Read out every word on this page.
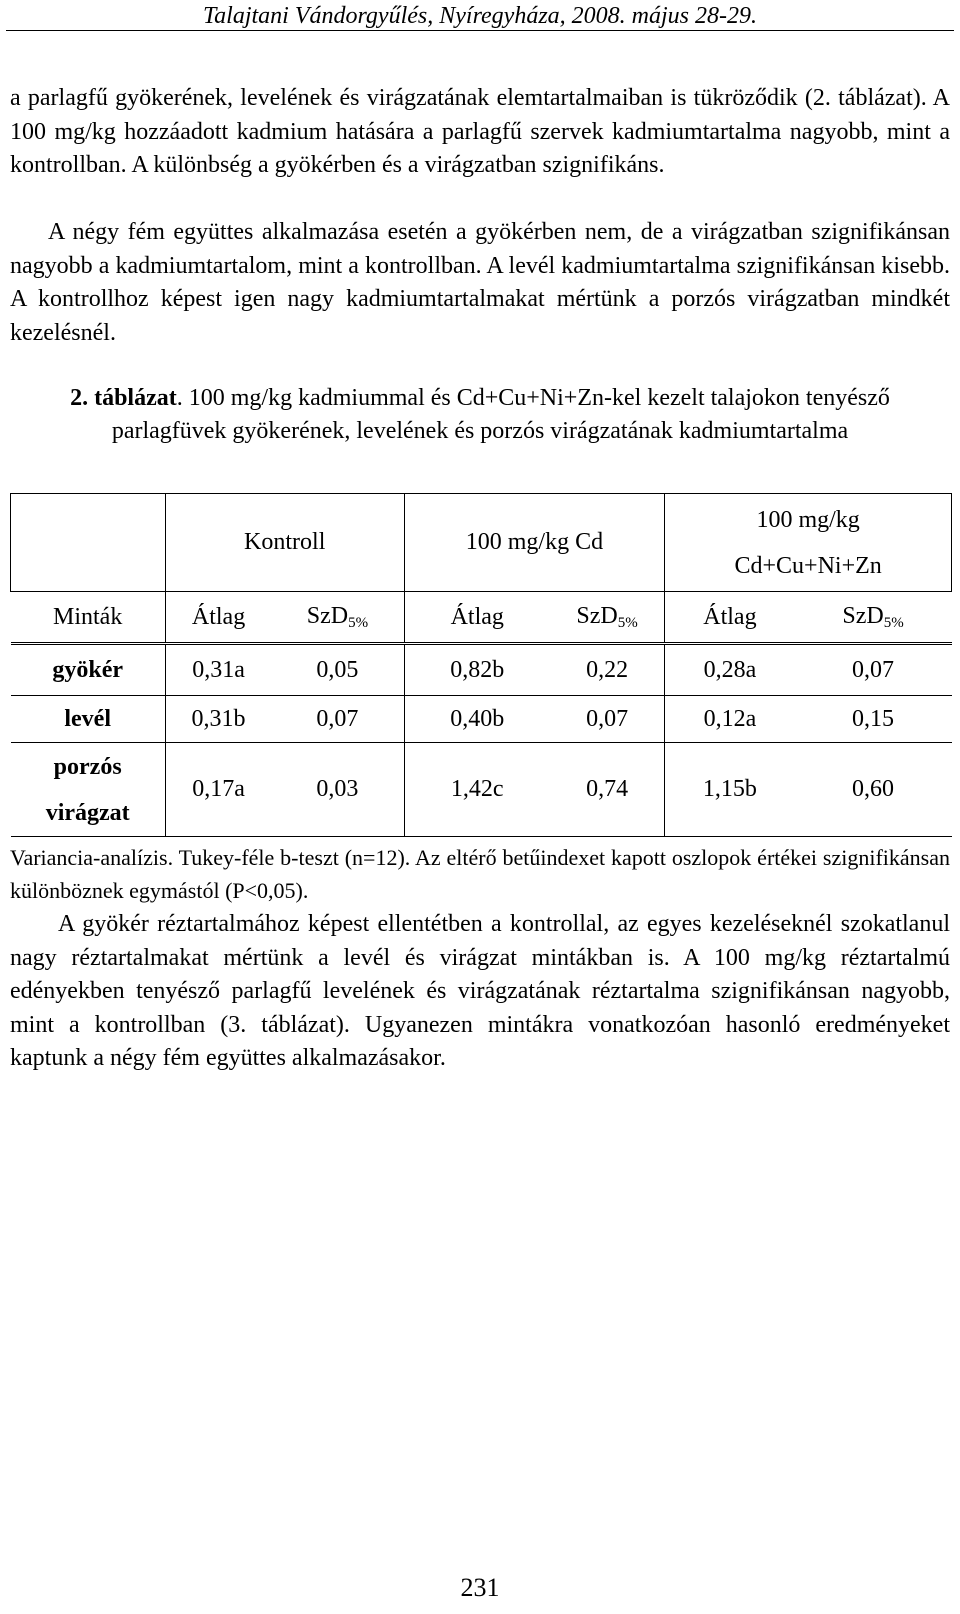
Talajtani Vándorgyűlés, Nyíregyháza, 2008. május 28-29.

a parlagfű gyökerének, levelének és virágzatának elemtartalmaiban is tükröződik (2. táblázat). A 100 mg/kg hozzáadott kadmium hatására a parlagfű szervek kadmiumtartalma nagyobb, mint a kontrollban. A különbség a gyökérben és a virágzatban szignifikáns.

A négy fém együttes alkalmazása esetén a gyökérben nem, de a virágzatban szignifikánsan nagyobb a kadmiumtartalom, mint a kontrollban. A levél kadmiumtartalma szignifikánsan kisebb. A kontrollhoz képest igen nagy kadmiumtartalmakat mértünk a porzós virágzatban mindkét kezelésnél.

2. táblázat. 100 mg/kg kadmiummal és Cd+Cu+Ni+Zn-kel kezelt talajokon tenyésző parlagfüvek gyökerének, levelének és porzós virágzatának kadmiumtartalma

	Kontroll		100 mg/kg Cd		100 mg/kg
Cd+Cu+Ni+Zn	

Minták	Átlag	SzD$_{5\%}$	Átlag	SzD$_{5\%}$	Átlag	SzD$_{5\%}$
gyökér	0,31a	0,05	0,82b	0,22	0,28a	0,07
levél	0,31b	0,07	0,40b	0,07	0,12a	0,15

porzós
virágzat	0,17a	0,03	1,42c	0,74	1,15b	0,60

Variancia-analízis. Tukey-féle b-teszt (n=12). Az eltérő betűindexet kapott oszlopok értékei szignifikánsan különböznek egymástól (P<0,05).

A gyökér réztartalmához képest ellentétben a kontrollal, az egyes kezeléseknél szokatlanul nagy réztartalmakat mértünk a levél és virágzat mintákban is. A 100 mg/kg réztartalmú edényekben tenyésző parlagfű levelének és virágzatának réztartalma szignifikánsan nagyobb, mint a kontrollban (3. táblázat). Ugyanezen mintákra vonatkozóan hasonló eredményeket kaptunk a négy fém együttes alkalmazásakor.

231
